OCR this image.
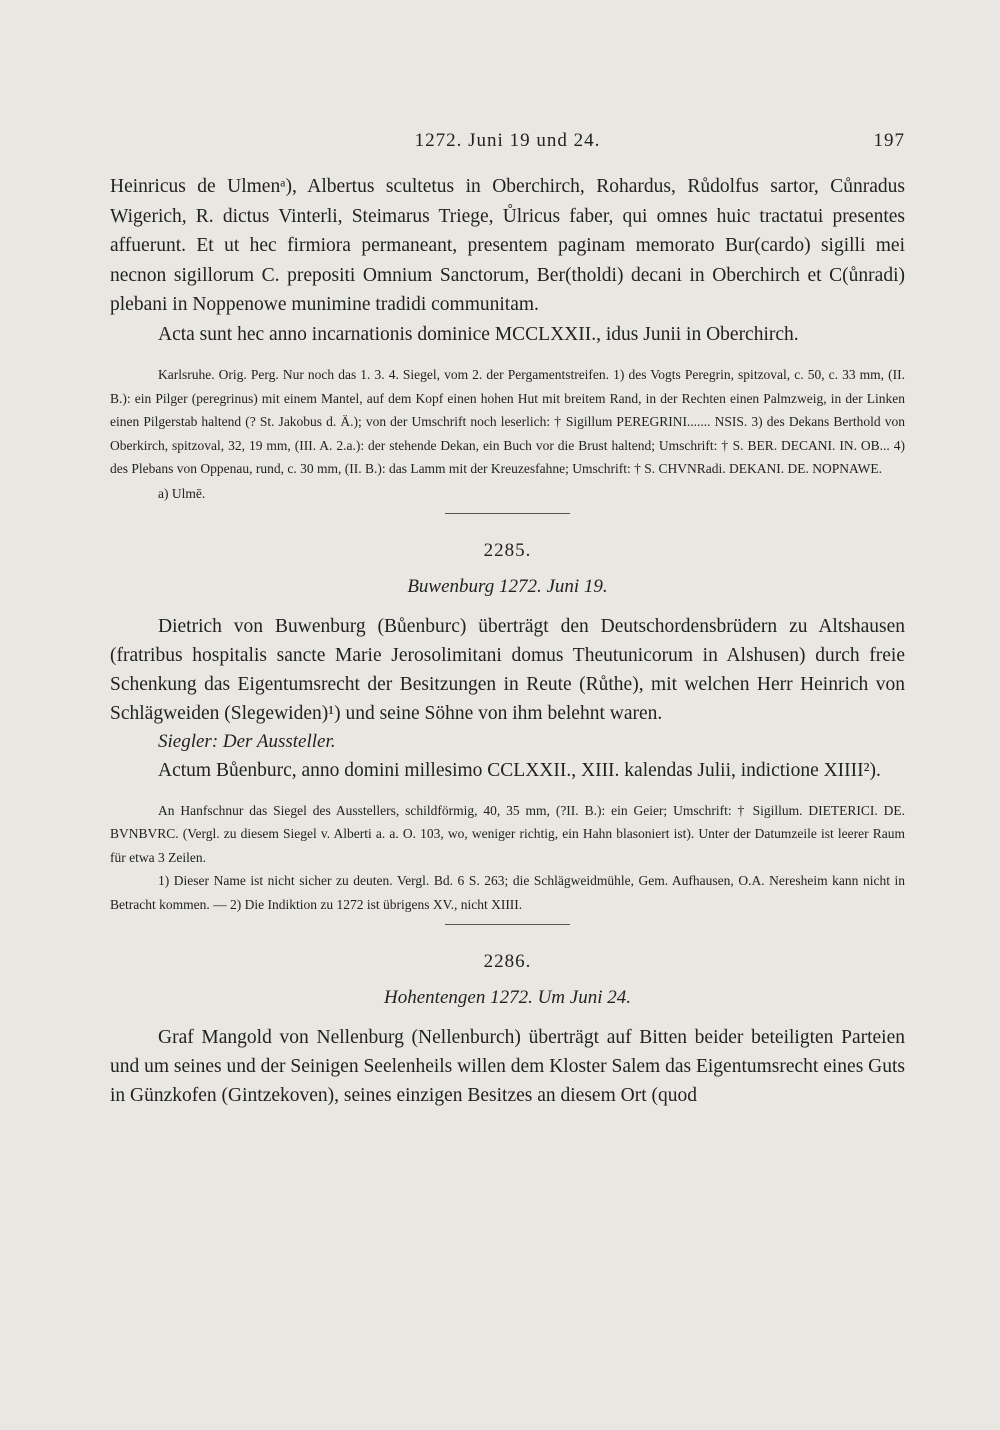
1272. Juni 19 und 24.	197

Heinricus de Ulmenᵃ), Albertus scultetus in Oberchirch, Rohardus, Růdolfus sartor, Cůnradus Wigerich, R. dictus Vinterli, Steimarus Triege, Ůlricus faber, qui omnes huic tractatui presentes affuerunt. Et ut hec firmiora permaneant, presentem paginam memorato Bur(cardo) sigilli mei necnon sigillorum C. prepositi Omnium Sanctorum, Ber(tholdi) decani in Oberchirch et C(ůnradi) plebani in Noppenowe munimine tradidi communitam.

Acta sunt hec anno incarnationis dominice MCCLXXII., idus Junii in Oberchirch.

Karlsruhe. Orig. Perg. Nur noch das 1. 3. 4. Siegel, vom 2. der Pergamentstreifen. 1) des Vogts Peregrin, spitzoval, c. 50, c. 33 mm, (II. B.): ein Pilger (peregrinus) mit einem Mantel, auf dem Kopf einen hohen Hut mit breitem Rand, in der Rechten einen Palmzweig, in der Linken einen Pilgerstab haltend (? St. Jakobus d. Ä.); von der Umschrift noch leserlich: † Sigillum PEREGRINI....... NSIS. 3) des Dekans Berthold von Oberkirch, spitzoval, 32, 19 mm, (III. A. 2.a.): der stehende Dekan, ein Buch vor die Brust haltend; Umschrift: † S. BER. DECANI. IN. OB... 4) des Plebans von Oppenau, rund, c. 30 mm, (II. B.): das Lamm mit der Kreuzesfahne; Umschrift: † S. CHVNRadi. DEKANI. DE. NOPNAWE.

a) Ulmē.

2285.

Buwenburg 1272. Juni 19.

Dietrich von Buwenburg (Bůenburc) überträgt den Deutschordensbrüdern zu Altshausen (fratribus hospitalis sancte Marie Jerosolimitani domus Theutunicorum in Alshusen) durch freie Schenkung das Eigentumsrecht der Besitzungen in Reute (Růthe), mit welchen Herr Heinrich von Schlägweiden (Slegewiden)¹) und seine Söhne von ihm belehnt waren.

Siegler: Der Aussteller.

Actum Bůenburc, anno domini millesimo CCLXXII., XIII. kalendas Julii, indictione XIIII²).

An Hanfschnur das Siegel des Ausstellers, schildförmig, 40, 35 mm, (?II. B.): ein Geier; Umschrift: † Sigillum. DIETERICI. DE. BVNBVRC. (Vergl. zu diesem Siegel v. Alberti a. a. O. 103, wo, weniger richtig, ein Hahn blasoniert ist). Unter der Datumzeile ist leerer Raum für etwa 3 Zeilen.

1) Dieser Name ist nicht sicher zu deuten. Vergl. Bd. 6 S. 263; die Schlägweidmühle, Gem. Aufhausen, O.A. Neresheim kann nicht in Betracht kommen. — 2) Die Indiktion zu 1272 ist übrigens XV., nicht XIIII.

2286.

Hohentengen 1272. Um Juni 24.

Graf Mangold von Nellenburg (Nellenburch) überträgt auf Bitten beider beteiligten Parteien und um seines und der Seinigen Seelenheils willen dem Kloster Salem das Eigentumsrecht eines Guts in Günzkofen (Gintzekoven), seines einzigen Besitzes an diesem Ort (quod
